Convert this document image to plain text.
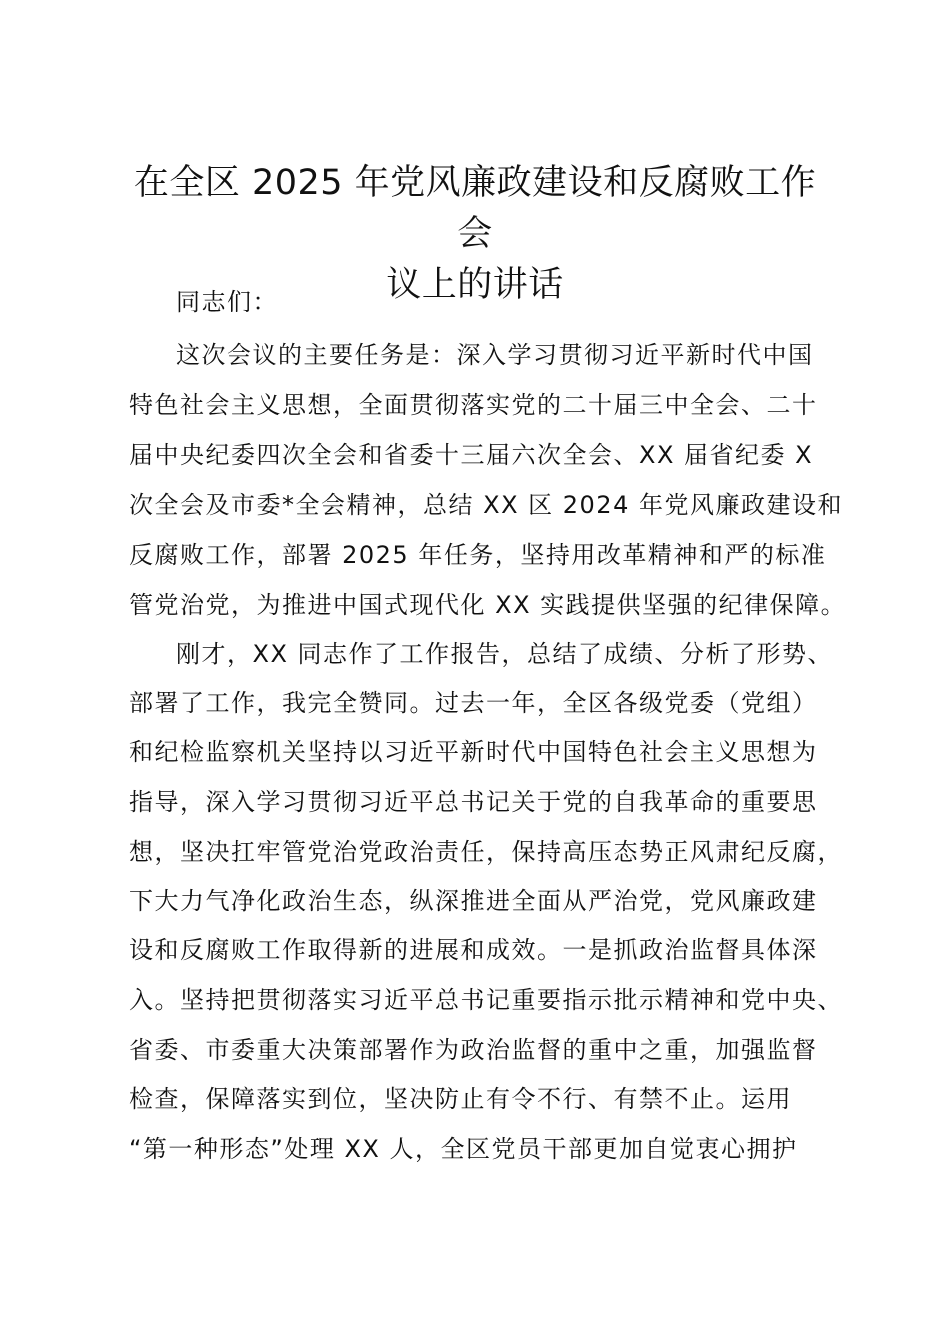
在全区 2025 年党风廉政建设和反腐败工作会
议上的讲话
同志们：
这次会议的主要任务是：深入学习贯彻习近平新时代中国
特色社会主义思想，全面贯彻落实党的二十届三中全会、二十
届中央纪委四次全会和省委十三届六次全会、XX 届省纪委 X
次全会及市委*全会精神，总结 XX 区 2024 年党风廉政建设和
反腐败工作，部署 2025 年任务，坚持用改革精神和严的标准
管党治党，为推进中国式现代化 XX 实践提供坚强的纪律保障。
刚才，XX 同志作了工作报告，总结了成绩、分析了形势、
部署了工作，我完全赞同。过去一年，全区各级党委（党组）
和纪检监察机关坚持以习近平新时代中国特色社会主义思想为
指导，深入学习贯彻习近平总书记关于党的自我革命的重要思
想，坚决扛牢管党治党政治责任，保持高压态势正风肃纪反腐，
下大力气净化政治生态，纵深推进全面从严治党，党风廉政建
设和反腐败工作取得新的进展和成效。一是抓政治监督具体深
入。坚持把贯彻落实习近平总书记重要指示批示精神和党中央、
省委、市委重大决策部署作为政治监督的重中之重，加强监督
检查，保障落实到位，坚决防止有令不行、有禁不止。运用
“第一种形态”处理 XX 人，全区党员干部更加自觉衷心拥护
